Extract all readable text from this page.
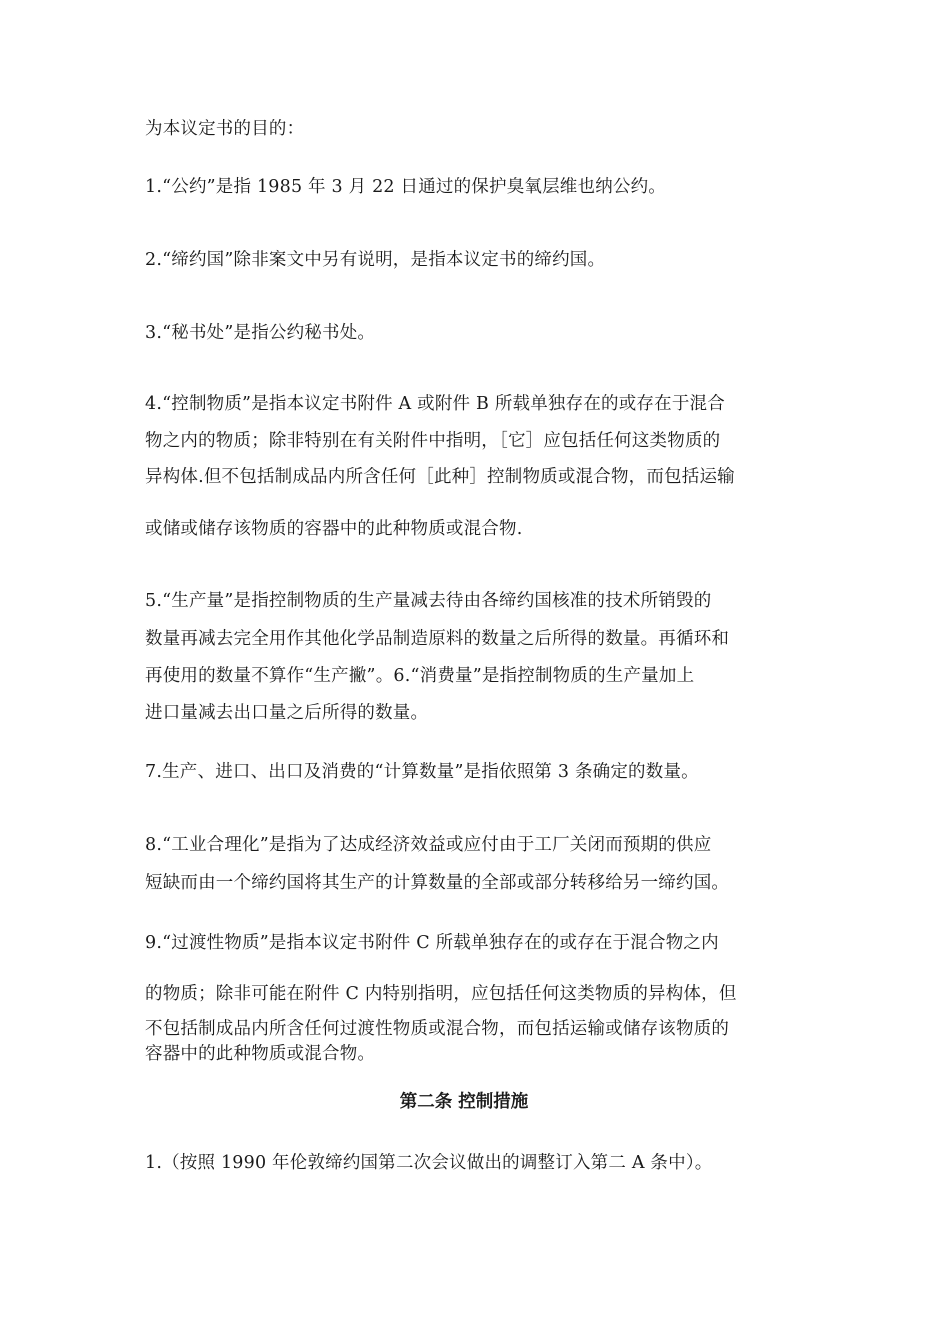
为本议定书的目的：
1.“公约”是指 1985 年 3 月 22 日通过的保护臭氧层维也纳公约。
2.“缔约国”除非案文中另有说明，是指本议定书的缔约国。
3.“秘书处”是指公约秘书处。
4.“控制物质”是指本议定书附件 A 或附件 B 所载单独存在的或存在于混合
物之内的物质；除非特别在有关附件中指明，［它］应包括任何这类物质的
异构体.但不包括制成品内所含任何［此种］控制物质或混合物，而包括运输
或储或储存该物质的容器中的此种物质或混合物.
5.“生产量”是指控制物质的生产量减去待由各缔约国核准的技术所销毁的
数量再减去完全用作其他化学品制造原料的数量之后所得的数量。再循环和
再使用的数量不算作“生产撇”。6.“消费量”是指控制物质的生产量加上
进口量减去出口量之后所得的数量。
7.生产、进口、出口及消费的“计算数量”是指依照第 3 条确定的数量。
8.“工业合理化”是指为了达成经济效益或应付由于工厂关闭而预期的供应
短缺而由一个缔约国将其生产的计算数量的全部或部分转移给另一缔约国。
9.“过渡性物质”是指本议定书附件 C 所载单独存在的或存在于混合物之内
的物质；除非可能在附件 C 内特别指明，应包括任何这类物质的异构体，但
不包括制成品内所含任何过渡性物质或混合物，而包括运输或储存该物质的
容器中的此种物质或混合物。
第二条 控制措施
1.（按照 1990 年伦敦缔约国第二次会议做出的调整订入第二 A 条中）。
